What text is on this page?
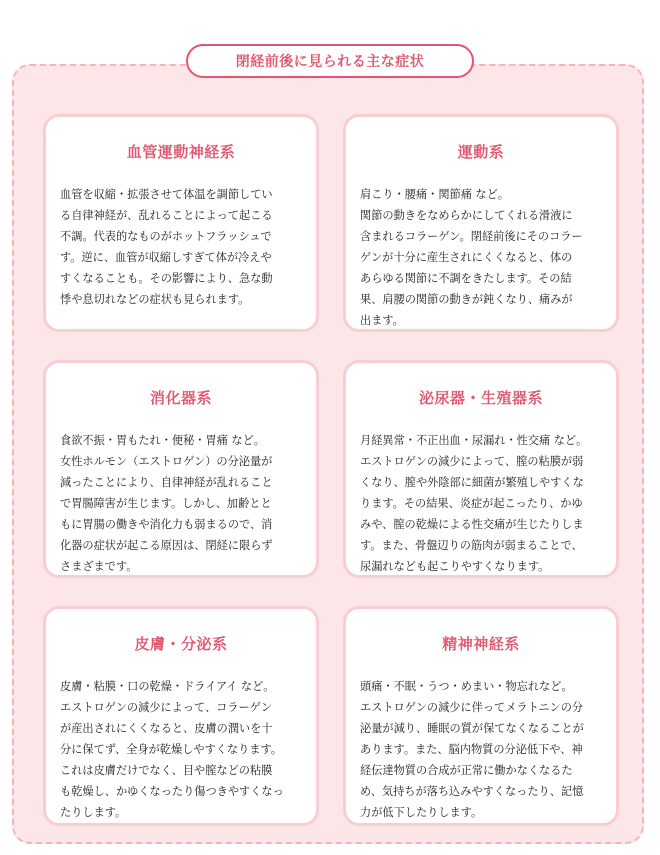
閉経前後に見られる主な症状
血管運動神経系

血管を収縮・拡張させて体温を調節してい
る自律神経が、乱れることによって起こる
不調。代表的なものがホットフラッシュで
す。逆に、血管が収縮しすぎて体が冷えや
すくなることも。その影響により、急な動
悸や息切れなどの症状も見られます。

運動系

肩こり・腰痛・関節痛 など。
関節の動きをなめらかにしてくれる滑液に
含まれるコラーゲン。閉経前後にそのコラー
ゲンが十分に産生されにくくなると、体の
あらゆる関節に不調をきたします。その結
果、肩腰の関節の動きが鈍くなり、痛みが
出ます。

消化器系

食欲不振・胃もたれ・便秘・胃痛 など。
女性ホルモン（エストロゲン）の分泌量が
減ったことにより、自律神経が乱れること
で胃腸障害が生じます。しかし、加齢とと
もに胃腸の働きや消化力も弱まるので、消
化器の症状が起こる原因は、閉経に限らず
さまざまです。

泌尿器・生殖器系

月経異常・不正出血・尿漏れ・性交痛 など。
エストロゲンの減少によって、膣の粘膜が弱
くなり、膣や外陰部に細菌が繁殖しやすくな
ります。その結果、炎症が起こったり、かゆ
みや、膣の乾燥による性交痛が生じたりしま
す。また、骨盤辺りの筋肉が弱まることで、
尿漏れなども起こりやすくなります。

皮膚・分泌系

皮膚・粘膜・口の乾燥・ドライアイ など。
エストロゲンの減少によって、コラーゲン
が産出されにくくなると、皮膚の潤いを十
分に保てず、全身が乾燥しやすくなります。
これは皮膚だけでなく、目や膣などの粘膜
も乾燥し、かゆくなったり傷つきやすくなっ
たりします。

精神神経系

頭痛・不眠・うつ・めまい・物忘れなど。
エストロゲンの減少に伴ってメラトニンの分
泌量が減り、睡眠の質が保てなくなることが
あります。また、脳内物質の分泌低下や、神
経伝達物質の合成が正常に働かなくなるた
め、気持ちが落ち込みやすくなったり、記憶
力が低下したりします。
